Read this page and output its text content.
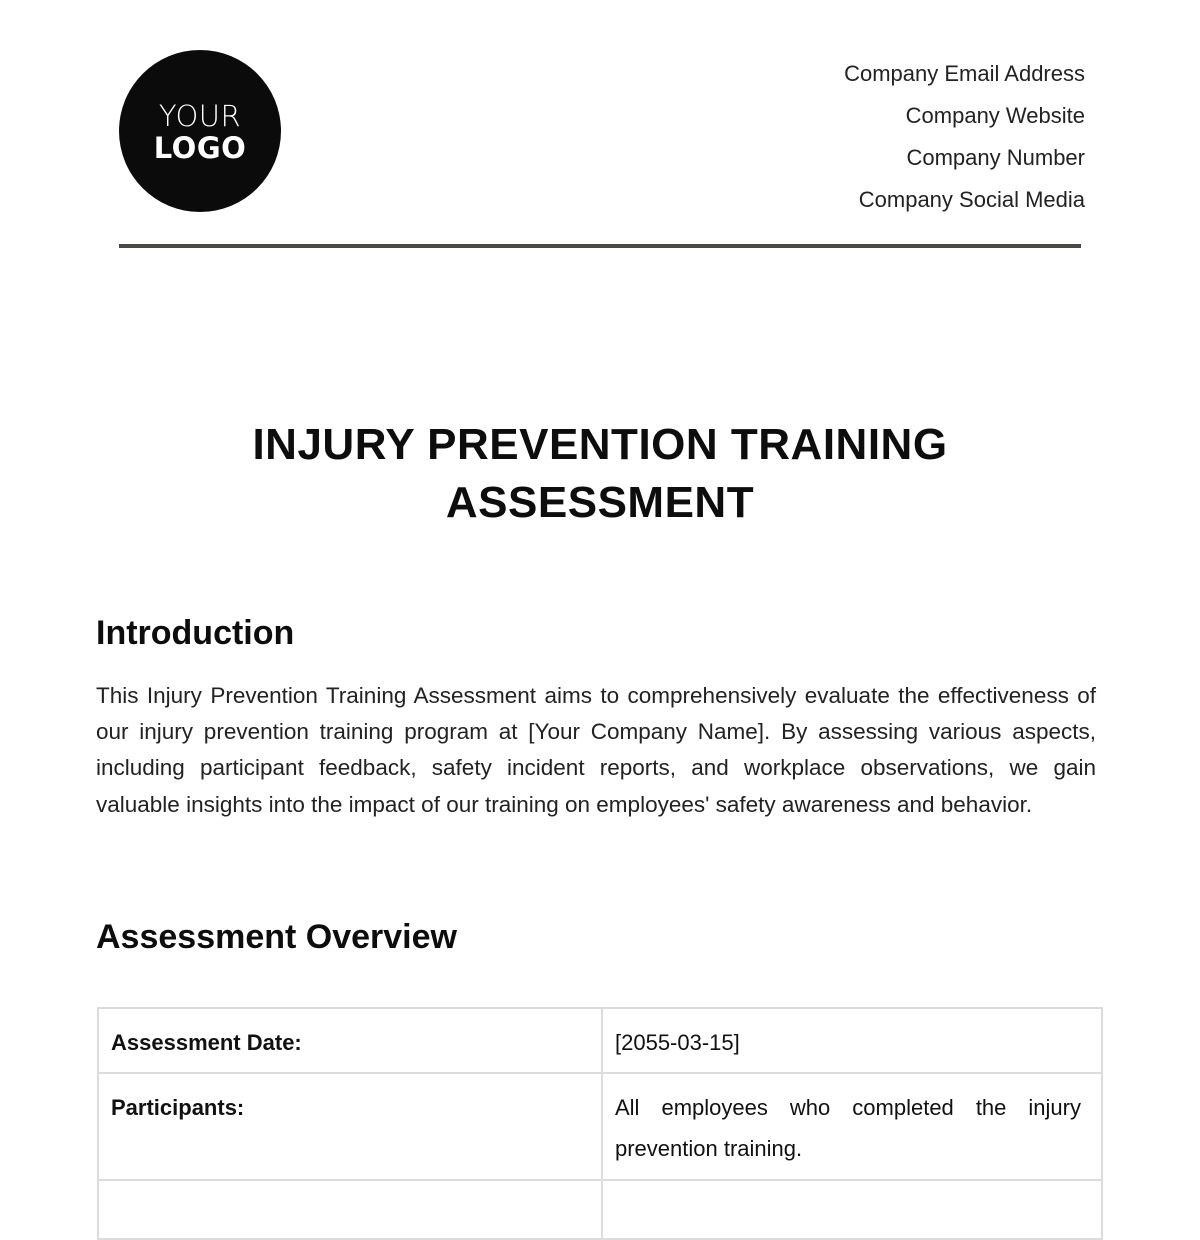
YOUR
LOGO
Company Email Address
Company Website
Company Number
Company Social Media
INJURY PREVENTION TRAINING
ASSESSMENT
Introduction

This Injury Prevention Training Assessment aims to comprehensively evaluate the effectiveness of our injury prevention training program at [Your Company Name]. By assessing various aspects, including participant feedback, safety incident reports, and workplace observations, we gain valuable insights into the impact of our training on employees' safety awareness and behavior.

Assessment Overview
Assessment Date:	[2055-03-15]
Participants:	All employees who completed the injury prevention training.
